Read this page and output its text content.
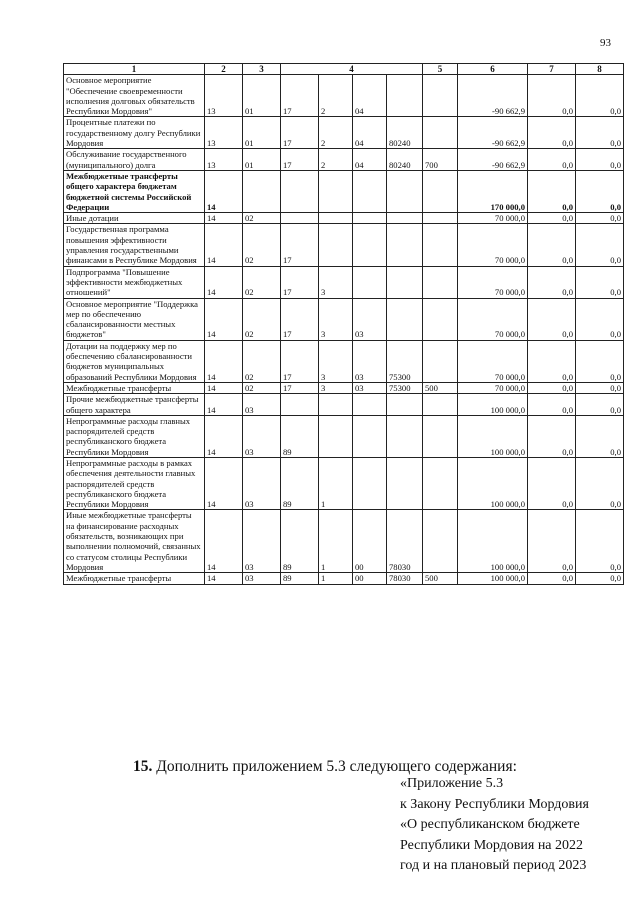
93
1	2	3	4				5	6	7	8
Основное мероприятие "Обеспечение своевременности исполнения долговых обязательств Республики Мордовия"	13	01	17	2	04			-90 662,9	0,0	0,0
Процентные платежи по государственному долгу Республики Мордовия	13	01	17	2	04	80240		-90 662,9	0,0	0,0
Обслуживание государственного (муниципального) долга	13	01	17	2	04	80240	700	-90 662,9	0,0	0,0
Межбюджетные трансферты общего характера бюджетам бюджетной системы Российской Федерации	14							170 000,0	0,0	0,0
Иные дотации	14	02						70 000,0	0,0	0,0
Государственная программа повышения эффективности управления государственными финансами в Республике Мордовия	14	02	17					70 000,0	0,0	0,0
Подпрограмма "Повышение эффективности межбюджетных отношений"	14	02	17	3				70 000,0	0,0	0,0
Основное мероприятие "Поддержка мер по обеспечению сбалансированности местных бюджетов"	14	02	17	3	03			70 000,0	0,0	0,0
Дотации на поддержку мер по обеспечению сбалансированности бюджетов муниципальных образований Республики Мордовия	14	02	17	3	03	75300		70 000,0	0,0	0,0
Межбюджетные трансферты	14	02	17	3	03	75300	500	70 000,0	0,0	0,0
Прочие межбюджетные трансферты общего характера	14	03						100 000,0	0,0	0,0
Непрограммные расходы главных распорядителей средств республиканского бюджета Республики Мордовия	14	03	89					100 000,0	0,0	0,0
Непрограммные расходы в рамках обеспечения деятельности главных распорядителей средств республиканского бюджета Республики Мордовия	14	03	89	1				100 000,0	0,0	0,0
Иные межбюджетные трансферты на финансирование расходных обязательств, возникающих при выполнении полномочий, связанных со статусом столицы Республики Мордовия	14	03	89	1	00	78030		100 000,0	0,0	0,0
Межбюджетные трансферты	14	03	89	1	00	78030	500	100 000,0	0,0	0,0
15. Дополнить приложением 5.3 следующего содержания:
«Приложение 5.3
к Закону Республики Мордовия
«О республиканском бюджете
Республики Мордовия на 2022
год и на плановый период 2023
